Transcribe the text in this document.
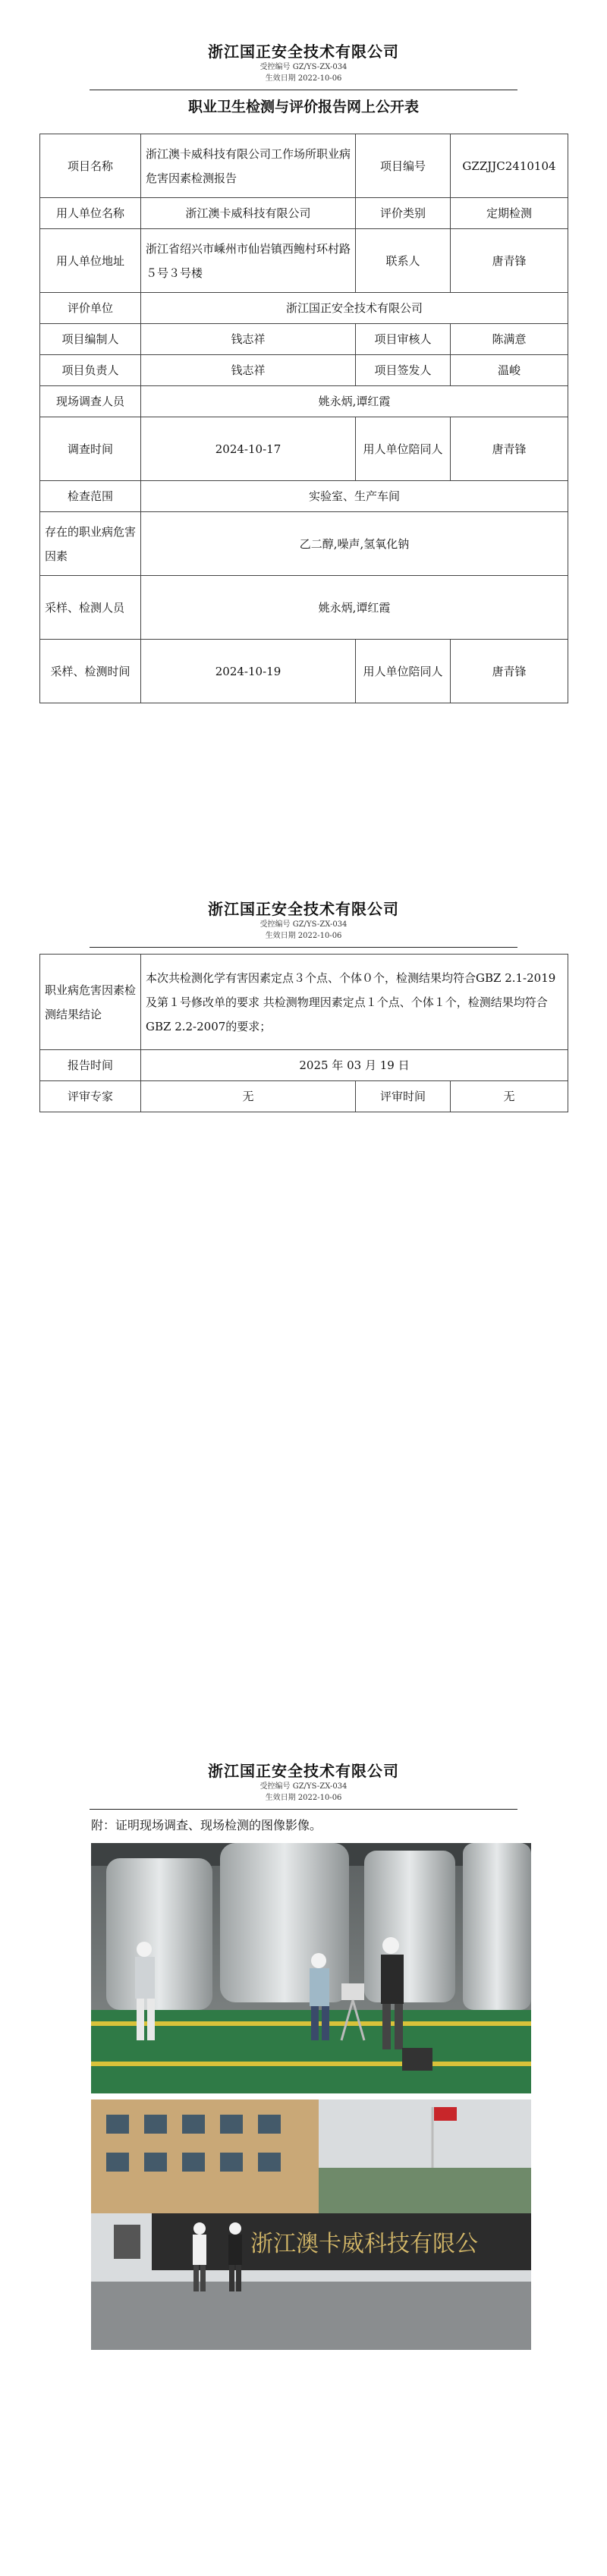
浙江国正安全技术有限公司
受控编号 GZ/YS-ZX-034
生效日期 2022-10-06
职业卫生检测与评价报告网上公开表
项目名称	浙江澳卡威科技有限公司工作场所职业病危害因素检测报告	项目编号	GZZJJC2410104
用人单位名称	浙江澳卡威科技有限公司	评价类别	定期检测
用人单位地址	浙江省绍兴市嵊州市仙岩镇西鲍村环村路５号３号楼	联系人	唐青锋
评价单位	浙江国正安全技术有限公司		
项目编制人	钱志祥	项目审核人	陈满意
项目负责人	钱志祥	项目签发人	温峻
现场调查人员	姚永炳,谭红霞		
调查时间	2024-10-17	用人单位陪同人	唐青锋
检查范围	实验室、生产车间		
存在的职业病危害因素	乙二醇,噪声,氢氧化钠		
采样、检测人员	姚永炳,谭红霞		
采样、检测时间	2024-10-19	用人单位陪同人	唐青锋
浙江国正安全技术有限公司
受控编号 GZ/YS-ZX-034
生效日期 2022-10-06
职业病危害因素检测结果结论	本次共检测化学有害因素定点３个点、个体０个，检测结果均符合GBZ 2.1-2019及第１号修改单的要求 共检测物理因素定点１个点、个体１个，检测结果均符合GBZ 2.2-2007的要求；		
报告时间	2025 年 03 月 19 日		
评审专家	无	评审时间	无
浙江国正安全技术有限公司
受控编号 GZ/YS-ZX-034
生效日期 2022-10-06
附：证明现场调查、现场检测的图像影像。
浙江澳卡威科技有限公
